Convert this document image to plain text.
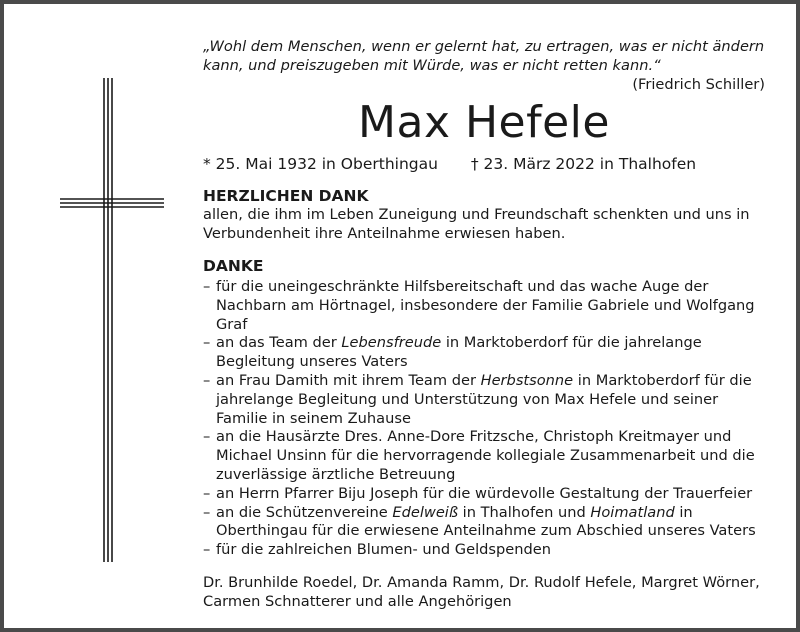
„Wohl dem Menschen, wenn er gelernt hat, zu ertragen, was er nicht ändern kann, und preiszugeben mit Würde, was er nicht retten kann.“

(Friedrich Schiller)

Max Hefele
* 25. Mai 1932 in Oberthingau † 23. März 2022 in Thalhofen
HERZLICHEN DANK

allen, die ihm im Leben Zuneigung und Freundschaft schenkten und uns in Verbundenheit ihre Anteilnahme erwiesen haben.

DANKE
– für die uneingeschränkte Hilfsbereitschaft und das wache Auge der Nachbarn am Hörtnagel, insbesondere der Familie Gabriele und Wolfgang Graf
– an das Team der Lebensfreude in Marktoberdorf für die jahrelange Begleitung unseres Vaters
– an Frau Damith mit ihrem Team der Herbstsonne in Marktoberdorf für die jahrelange Begleitung und Unterstützung von Max Hefele und seiner Familie in seinem Zuhause
– an die Hausärzte Dres. Anne-Dore Fritzsche, Christoph Kreitmayer und Michael Unsinn für die hervorragende kollegiale Zusammenarbeit und die zuverlässige ärztliche Betreuung
– an Herrn Pfarrer Biju Joseph für die würdevolle Gestaltung der Trauerfeier
– an die Schützenvereine Edelweiß in Thalhofen und Hoimatland in Oberthingau für die erwiesene Anteilnahme zum Abschied unseres Vaters
– für die zahlreichen Blumen- und Geldspenden

Dr. Brunhilde Roedel, Dr. Amanda Ramm, Dr. Rudolf Hefele, Margret Wörner, Carmen Schnatterer und alle Angehörigen
